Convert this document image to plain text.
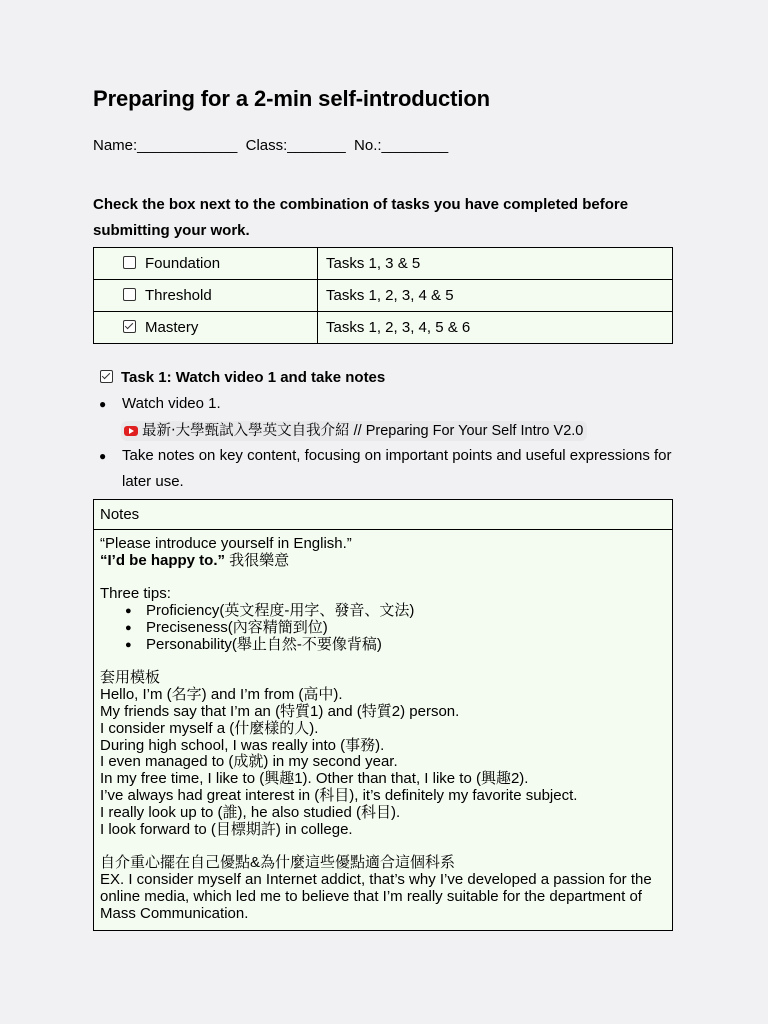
Preparing for a 2-min self-introduction
Name:____________  Class:_______  No.:________
Check the box next to the combination of tasks you have completed before submitting your work.
Foundation	Tasks 1, 3 & 5
Threshold	Tasks 1, 2, 3, 4 & 5
Mastery	Tasks 1, 2, 3, 4, 5 & 6
Task 1: Watch video 1 and take notes
● Watch video 1.
最新‧大學甄試入學英文自我介紹 // Preparing For Your Self Intro V2.0
● Take notes on key content, focusing on important points and useful expressions for later use.
Notes

“Please introduce yourself in English.”

“I’d be happy to.” 我很樂意

Three tips:

● Proficiency(英文程度-用字、發音、文法)
● Preciseness(內容精簡到位)
● Personability(舉止自然-不要像背稿)

套用模板

Hello, I’m (名字) and I’m from (高中).

My friends say that I’m an (特質1) and (特質2) person.

I consider myself a (什麼樣的人).

During high school, I was really into (事務).

I even managed to (成就) in my second year.

In my free time, I like to (興趣1). Other than that, I like to (興趣2).

I’ve always had great interest in (科目), it’s definitely my favorite subject.

I really look up to (誰), he also studied (科目).

I look forward to (目標期許) in college.

自介重心擺在自己優點&為什麼這些優點適合這個科系

EX. I consider myself an Internet addict, that’s why I’ve developed a passion for the online media, which led me to believe that I’m really suitable for the department of Mass Communication.
